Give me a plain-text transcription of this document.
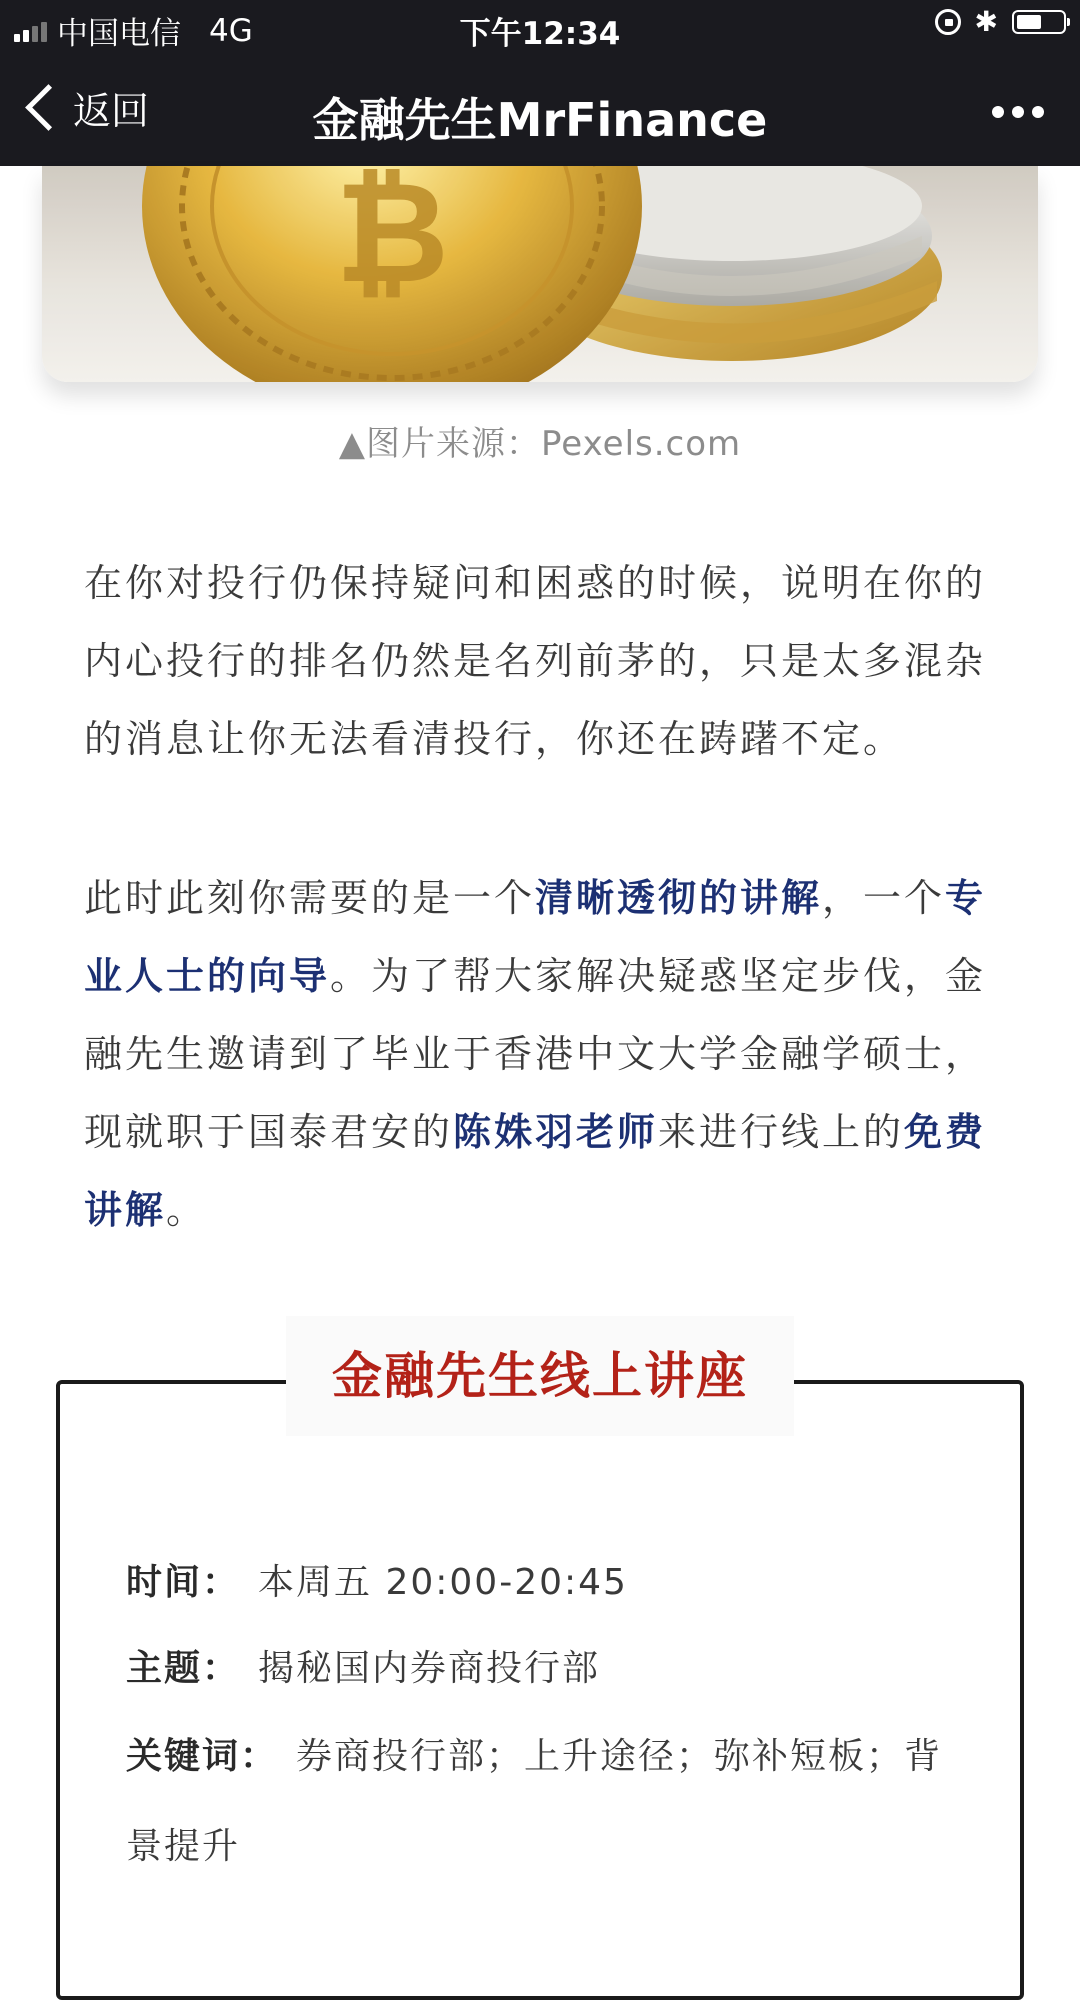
中国电信 4G	下午12:34	✱
返回	金融先生MrFinance
▲图片来源：Pexels.com

在你对投行仍保持疑问和困惑的时候，说明在你的内心投行的排名仍然是名列前茅的，只是太多混杂的消息让你无法看清投行，你还在踌躇不定。

此时此刻你需要的是一个清晰透彻的讲解，一个专业人士的向导。为了帮大家解决疑惑坚定步伐，金融先生邀请到了毕业于香港中文大学金融学硕士，现就职于国泰君安的陈姝羽老师来进行线上的免费讲解。

金融先生线上讲座

时间： 本周五 20:00-20:45

主题： 揭秘国内券商投行部

关键词： 券商投行部；上升途径；弥补短板；背景提升
